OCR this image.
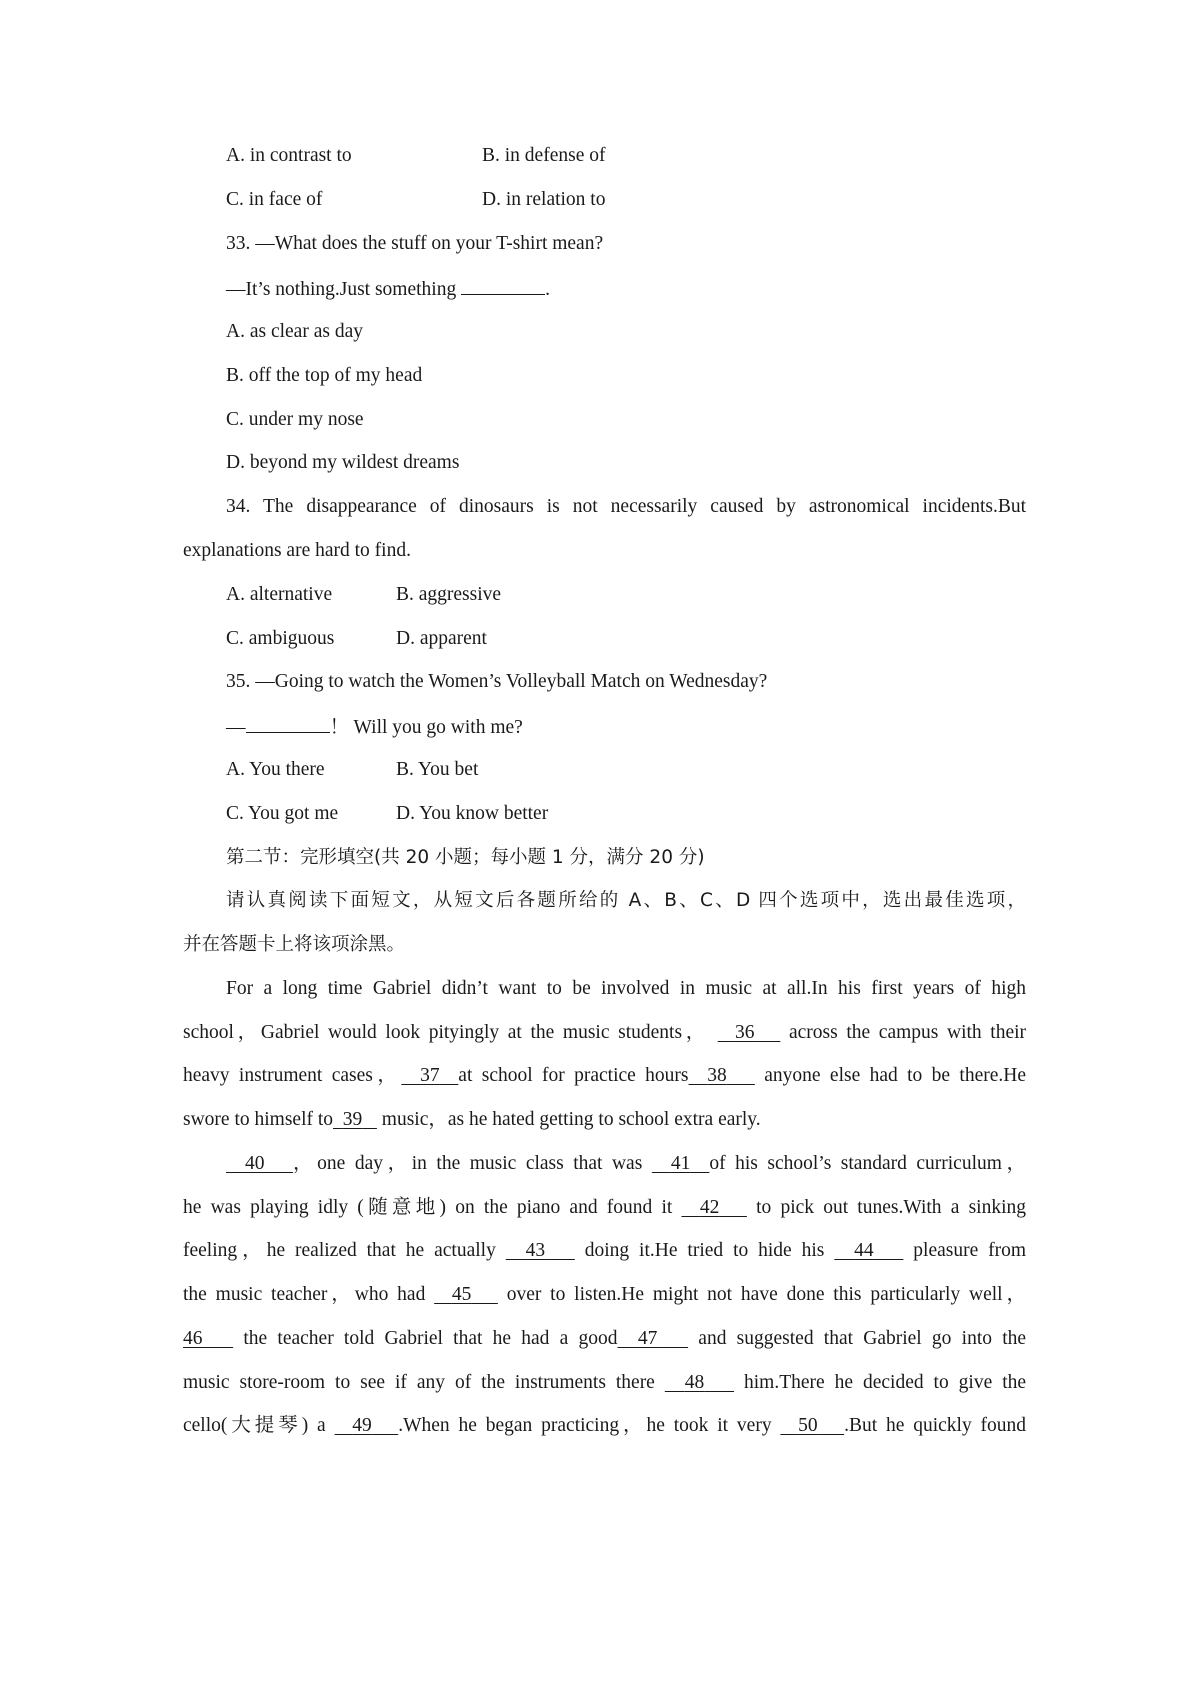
A. in contrast to	B. in defense of
C. in face of	D. in relation to
33. —What does the stuff on your T-shirt mean?
—It’s nothing.Just something	.
A. as clear as day
B. off the top of my head
C. under my nose
D. beyond my wildest dreams
34. The disappearance of dinosaurs is not necessarily caused by astronomical incidents.But
explanations are hard to find.
A. alternative	B. aggressive
C. ambiguous	D. apparent
35. —Going to watch the Women’s Volleyball Match on Wednesday?
—	！ Will you go with me?
A. You there	B. You bet
C. You got me	D. You know better
第二节：完形填空(共 20 小题；每小题 1 分，满分 20 分)
请认真阅读下面短文，从短文后各题所给的 A、B、C、D 四个选项中，选出最佳选项，
并在答题卡上将该项涂黑。
For a long time Gabriel didn’t want to be involved in music at all.In his first years of high
school，Gabriel would look pityingly at the music students， 36 across the campus with their
heavy instrument cases， 37 at school for practice hours 38 anyone else had to be there.He
swore to himself to 39 music，as he hated getting to school extra early.
40 ，one day，in the music class that was 41 of his school’s standard curriculum，
he was playing idly (随意地) on the piano and found it 42 to pick out tunes.With a sinking
feeling，he realized that he actually 43 doing it.He tried to hide his 44 pleasure from
the music teacher，who had 45 over to listen.He might not have done this particularly well，
46 the teacher told Gabriel that he had a good 47 and suggested that Gabriel go into the
music store-room to see if any of the instruments there 48 him.There he decided to give the
cello(大提琴) a 49 .When he began practicing，he took it very 50 .But he quickly found
